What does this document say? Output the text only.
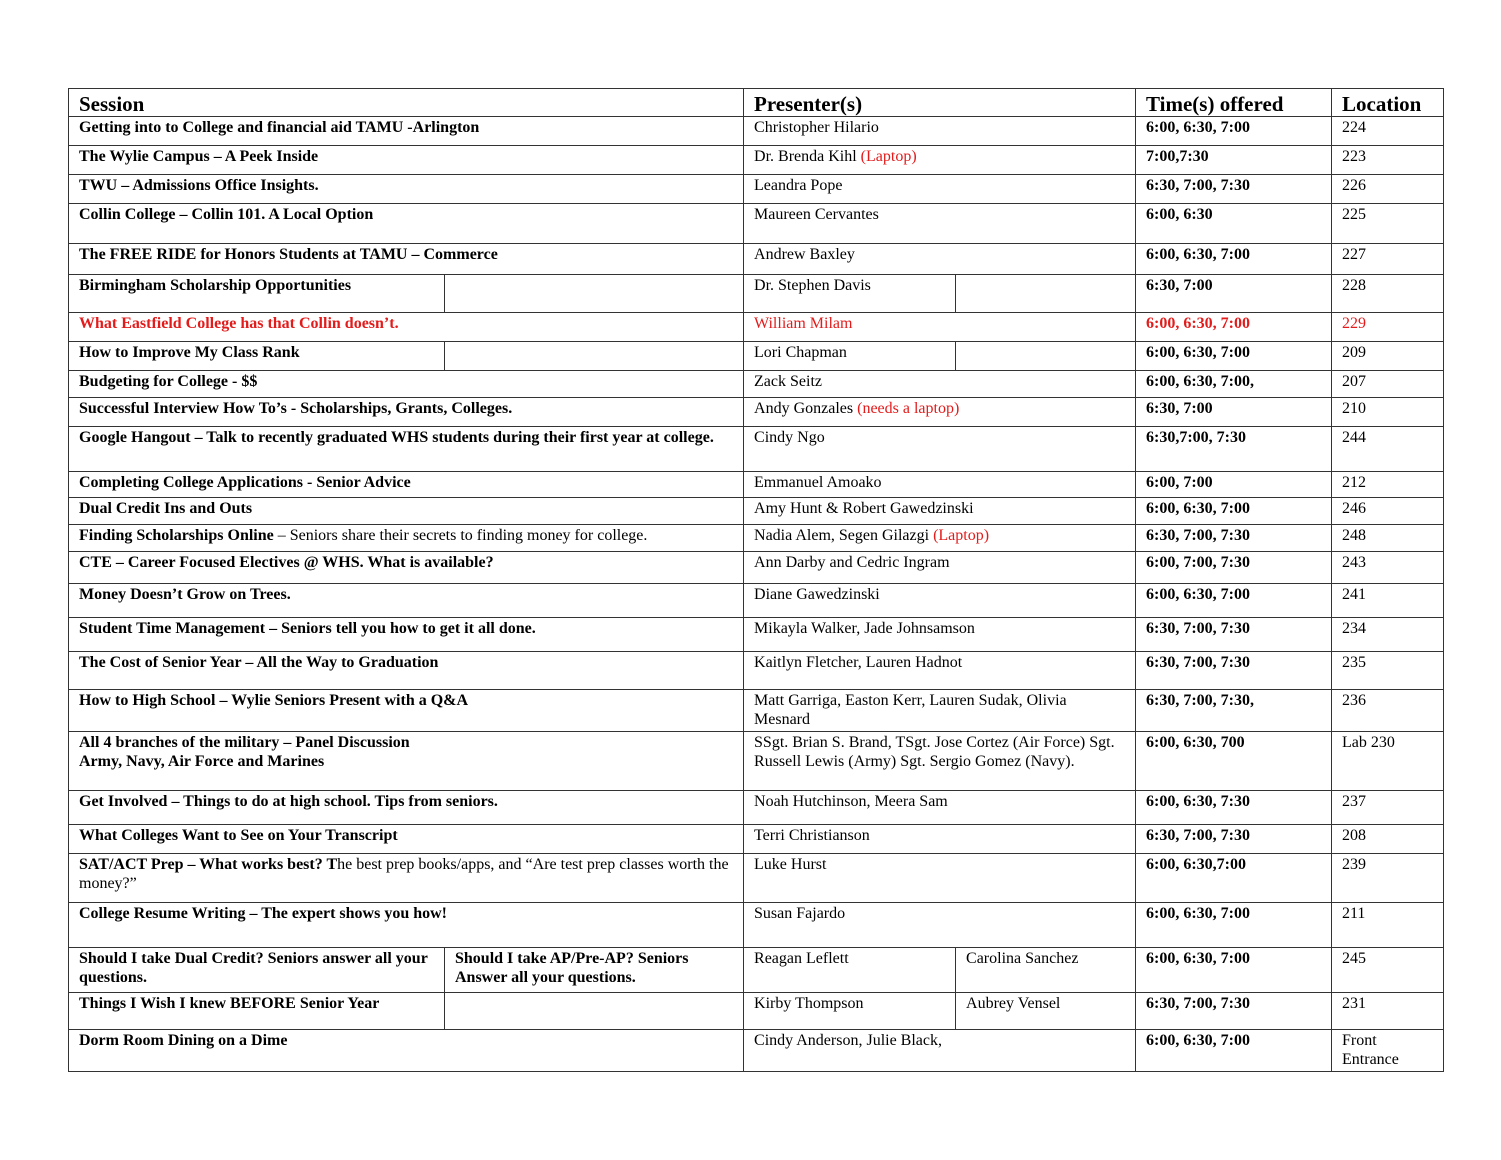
Session		Presenter(s)		Time(s) offered	Location
Getting into to College and financial aid TAMU -Arlington		Christopher Hilario		6:00, 6:30, 7:00	224
The Wylie Campus – A Peek Inside		Dr. Brenda Kihl (Laptop)		7:00,7:30	223
TWU – Admissions Office Insights.		Leandra Pope		6:30, 7:00, 7:30	226
Collin College – Collin 101. A Local Option		Maureen Cervantes		6:00, 6:30	225
The FREE RIDE for Honors Students at TAMU – Commerce		Andrew Baxley		6:00, 6:30, 7:00	227
Birmingham Scholarship Opportunities		Dr. Stephen Davis		6:30, 7:00	228
What Eastfield College has that Collin doesn’t.		William Milam		6:00, 6:30, 7:00	229
How to Improve My Class Rank		Lori Chapman		6:00, 6:30, 7:00	209
Budgeting for College - $$		Zack Seitz		6:00, 6:30, 7:00,	207
Successful Interview How To’s - Scholarships, Grants, Colleges.		Andy Gonzales (needs a laptop)		6:30, 7:00	210
Google Hangout – Talk to recently graduated WHS students during their first year at college.		Cindy Ngo		6:30,7:00, 7:30	244
Completing College Applications - Senior Advice		Emmanuel Amoako		6:00, 7:00	212
Dual Credit Ins and Outs		Amy Hunt & Robert Gawedzinski		6:00, 6:30, 7:00	246
Finding Scholarships Online – Seniors share their secrets to finding money for college.		Nadia Alem, Segen Gilazgi (Laptop)		6:30, 7:00, 7:30	248
CTE – Career Focused Electives @ WHS. What is available?		Ann Darby and Cedric Ingram		6:00, 7:00, 7:30	243
Money Doesn’t Grow on Trees.		Diane Gawedzinski		6:00, 6:30, 7:00	241
Student Time Management – Seniors tell you how to get it all done.		Mikayla Walker, Jade Johnsamson		6:30, 7:00, 7:30	234
The Cost of Senior Year – All the Way to Graduation		Kaitlyn Fletcher, Lauren Hadnot		6:30, 7:00, 7:30	235
How to High School – Wylie Seniors Present with a Q&A		Matt Garriga, Easton Kerr, Lauren Sudak, Olivia Mesnard		6:30, 7:00, 7:30,	236

All 4 branches of the military – Panel Discussion
Army, Navy, Air Force and Marines		SSgt. Brian S. Brand, TSgt. Jose Cortez (Air Force) Sgt. Russell Lewis (Army) Sgt. Sergio Gomez (Navy).		6:00, 6:30, 700	Lab 230
Get Involved – Things to do at high school. Tips from seniors.		Noah Hutchinson, Meera Sam		6:00, 6:30, 7:30	237
What Colleges Want to See on Your Transcript		Terri Christianson		6:30, 7:00, 7:30	208
SAT/ACT Prep – What works best? The best prep books/apps, and “Are test prep classes worth the money?”		Luke Hurst		6:00, 6:30,7:00	239
College Resume Writing – The expert shows you how!		Susan Fajardo		6:00, 6:30, 7:00	211
Should I take Dual Credit? Seniors answer all your questions.	Should I take AP/Pre-AP? Seniors Answer all your questions.	Reagan Leflett	Carolina Sanchez	6:00, 6:30, 7:00	245
Things I Wish I knew BEFORE Senior Year		Kirby Thompson	Aubrey Vensel	6:30, 7:00, 7:30	231
Dorm Room Dining on a Dime		Cindy Anderson, Julie Black,		6:00, 6:30, 7:00	Front Entrance
